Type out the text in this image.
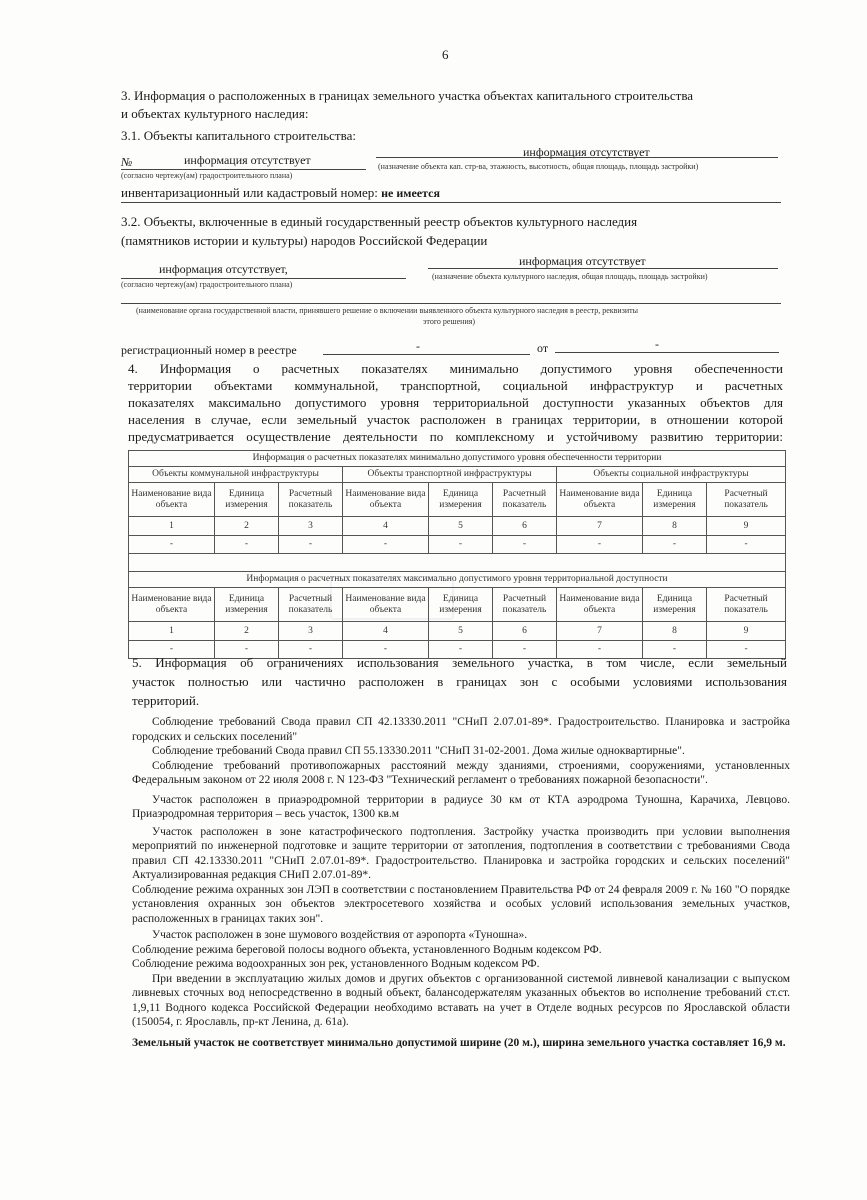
6
3. Информация о расположенных в границах земельного участка объектах капитального строительства
и объектах культурного наследия:
3.1. Объекты капитального строительства:
информация отсутствует
№	информация отсутствует
(согласно чертежу(ам) градостроительного плана)
(назначение объекта кап. стр-ва, этажность, высотность, общая площадь, площадь застройки)
инвентаризационный или кадастровый номер: не имеется
3.2. Объекты, включенные в единый государственный реестр объектов культурного наследия
(памятников истории и культуры) народов Российской Федерации
информация отсутствует
информация отсутствует,
(согласно чертежу(ам) градостроительного плана)
(назначение объекта культурного наследия, общая площадь, площадь застройки)
(наименование органа государственной власти, принявшего решение о включении выявленного объекта культурного наследия в реестр, реквизиты
этого решения)
регистрационный номер в реестре	-	от	-
4. Информация о расчетных показателях минимально допустимого уровня обеспеченности
территории объектами коммунальной, транспортной, социальной инфраструктур и расчетных
показателях максимально допустимого уровня территориальной доступности указанных объектов для
населения в случае, если земельный участок расположен в границах территории, в отношении которой
предусматривается осуществление деятельности по комплексному и устойчивому развитию территории:
Информация о расчетных показателях минимально допустимого уровня обеспеченности территории								
Объекты коммунальной инфраструктуры			Объекты транспортной инфраструктуры			Объекты социальной инфраструктуры		
Наименование вида объекта	Единица измерения	Расчетный показатель	Наименование вида объекта	Единица измерения	Расчетный показатель	Наименование вида объекта	Единица измерения	Расчетный показатель
1	2	3	4	5	6	7	8	9
-	-	-	-	-	-	-	-	-

Информация о расчетных показателях максимально допустимого уровня территориальной доступности								
Наименование вида объекта	Единица измерения	Расчетный показатель	Наименование вида объекта	Единица измерения	Расчетный показатель	Наименование вида объекта	Единица измерения	Расчетный показатель
1	2	3	4	5	6	7	8	9
-	-	-	-	-	-	-	-	-
5. Информация об ограничениях использования земельного участка, в том числе, если земельный
участок полностью или частично расположен в границах зон с особыми условиями использования
территорий.

Соблюдение требований Свода правил СП 42.13330.2011 "СНиП 2.07.01-89*. Градостроительство. Планировка и застройка городских и сельских поселений"

Соблюдение требований Свода правил СП 55.13330.2011 "СНиП 31-02-2001. Дома жилые одноквартирные".

Соблюдение требований противопожарных расстояний между зданиями, строениями, сооружениями, установленных Федеральным законом от 22 июля 2008 г. N 123-ФЗ "Технический регламент о требованиях пожарной безопасности".

Участок расположен в приаэродромной территории в радиусе 30 км от КТА аэродрома Туношна, Карачиха, Левцово. Приаэродромная территория – весь участок, 1300 кв.м

Участок расположен в зоне катастрофического подтопления. Застройку участка производить при условии выполнения мероприятий по инженерной подготовке и защите территории от затопления, подтопления в соответствии с требованиями Свода правил СП 42.13330.2011 "СНиП 2.07.01-89*. Градостроительство. Планировка и застройка городских и сельских поселений" Актуализированная редакция СНиП 2.07.01-89*.

Соблюдение режима охранных зон ЛЭП в соответствии с постановлением Правительства РФ от 24 февраля 2009 г. № 160 "О порядке установления охранных зон объектов электросетевого хозяйства и особых условий использования земельных участков, расположенных в границах таких зон".

Участок расположен в зоне шумового воздействия от аэропорта «Туношна».

Соблюдение режима береговой полосы водного объекта, установленного Водным кодексом РФ.

Соблюдение режима водоохранных зон рек, установленного Водным кодексом РФ.

При введении в эксплуатацию жилых домов и других объектов с организованной системой ливневой канализации с выпуском ливневых сточных вод непосредственно в водный объект, балансодержателям указанных объектов во исполнение требований ст.ст. 1,9,11 Водного кодекса Российской Федерации необходимо вставать на учет в Отделе водных ресурсов по Ярославской области (150054, г. Ярославль, пр-кт Ленина, д. 61а).

Земельный участок не соответствует минимально допустимой ширине (20 м.), ширина земельного участка составляет 16,9 м.
